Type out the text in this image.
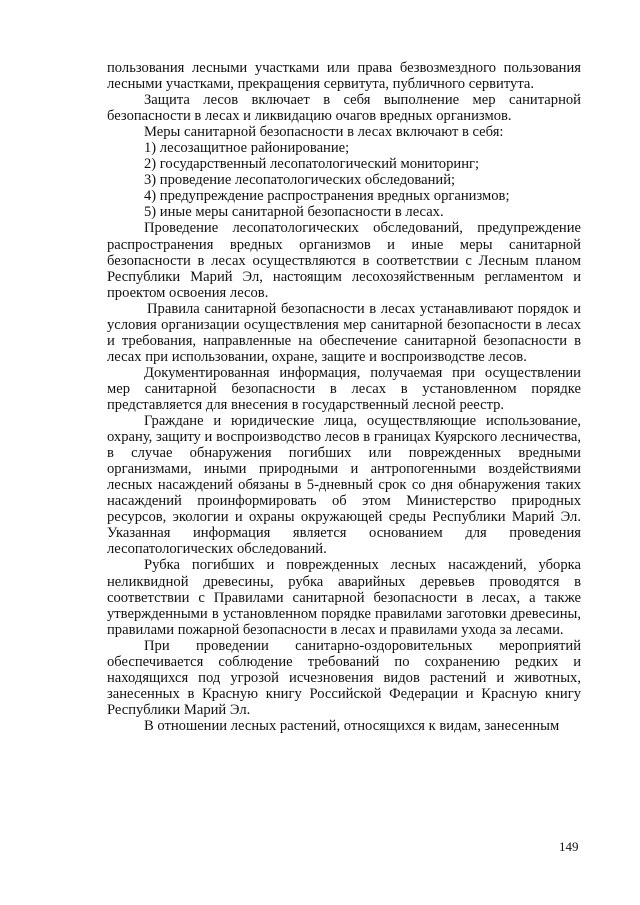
пользования лесными участками или права безвозмездного пользования лесными участками, прекращения сервитута, публичного сервитута.

Защита лесов включает в себя выполнение мер санитарной безопасности в лесах и ликвидацию очагов вредных организмов.

Меры санитарной безопасности в лесах включают в себя:

1) лесозащитное районирование;

2) государственный лесопатологический мониторинг;

3) проведение лесопатологических обследований;

4) предупреждение распространения вредных организмов;

5) иные меры санитарной безопасности в лесах.

Проведение лесопатологических обследований, предупреждение распространения вредных организмов и иные меры санитарной безопасности в лесах осуществляются в соответствии с Лесным планом Республики Марий Эл, настоящим лесохозяйственным регламентом и проектом освоения лесов.

Правила санитарной безопасности в лесах устанавливают порядок и условия организации осуществления мер санитарной безопасности в лесах и требования, направленные на обеспечение санитарной безопасности в лесах при использовании, охране, защите и воспроизводстве лесов.

Документированная информация, получаемая при осуществлении мер санитарной безопасности в лесах в установленном порядке представляется для внесения в государственный лесной реестр.

Граждане и юридические лица, осуществляющие использование, охрану, защиту и воспроизводство лесов в границах Куярского лесничества, в случае обнаружения погибших или поврежденных вредными организмами, иными природными и антропогенными воздействиями лесных насаждений обязаны в 5-дневный срок со дня обнаружения таких насаждений проинформировать об этом Министерство природных ресурсов, экологии и охраны окружающей среды Республики Марий Эл. Указанная информация является основанием для проведения лесопатологических обследований.

Рубка погибших и поврежденных лесных насаждений, уборка неликвидной древесины, рубка аварийных деревьев проводятся в соответствии с Правилами санитарной безопасности в лесах, а также утвержденными в установленном порядке правилами заготовки древесины, правилами пожарной безопасности в лесах и правилами ухода за лесами.

При проведении санитарно-оздоровительных мероприятий обеспечивается соблюдение требований по сохранению редких и находящихся под угрозой исчезновения видов растений и животных, занесенных в Красную книгу Российской Федерации и Красную книгу Республики Марий Эл.

В отношении лесных растений, относящихся к видам, занесенным

149
